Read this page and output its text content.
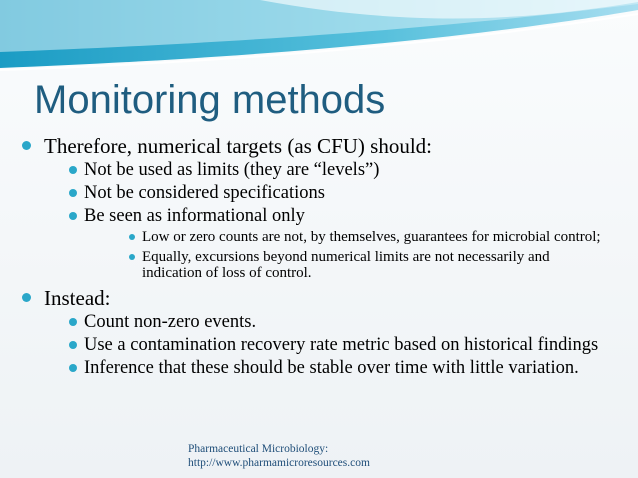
Monitoring methods
Therefore, numerical targets (as CFU) should:
Not be used as limits (they are “levels”)
Not be considered specifications
Be seen as informational only
Low or zero counts are not, by themselves, guarantees for microbial control;
Equally, excursions beyond numerical limits are not necessarily and indication of loss of control.
Instead:
Count non-zero events.
Use a contamination recovery rate metric based on historical findings
Inference that these should be stable over time with little variation.
Pharmaceutical Microbiology:
http://www.pharmamicroresources.com
